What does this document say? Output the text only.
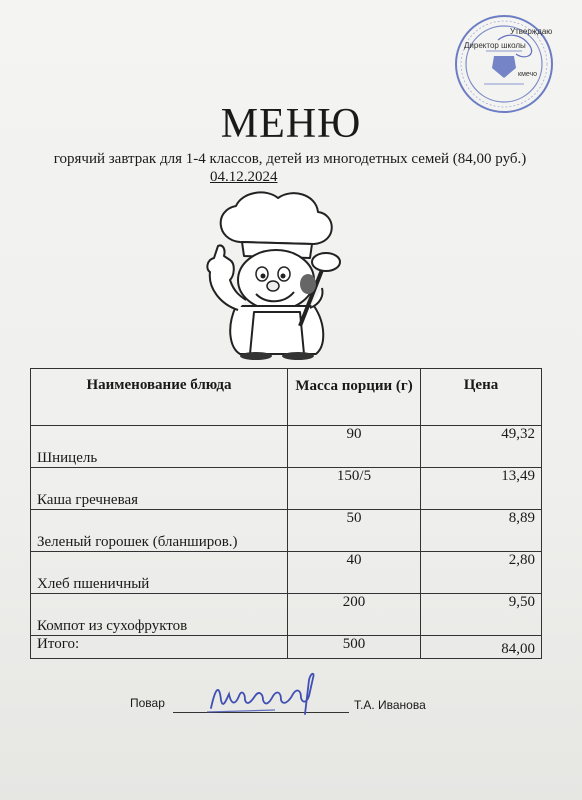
Утверждаю
Директор школы
кмечо
МЕНЮ
горячий завтрак для 1-4 классов, детей из многодетных семей (84,00 руб.)
04.12.2024
Наименование блюда	Масса порции (г)	Цена
Шницель	90	49,32
Каша гречневая	150/5	13,49
Зеленый горошек (бланширов.)	50	8,89
Хлеб пшеничный	40	2,80
Компот из сухофруктов	200	9,50
Итого:	500	84,00
Повар	Т.А. Иванова
